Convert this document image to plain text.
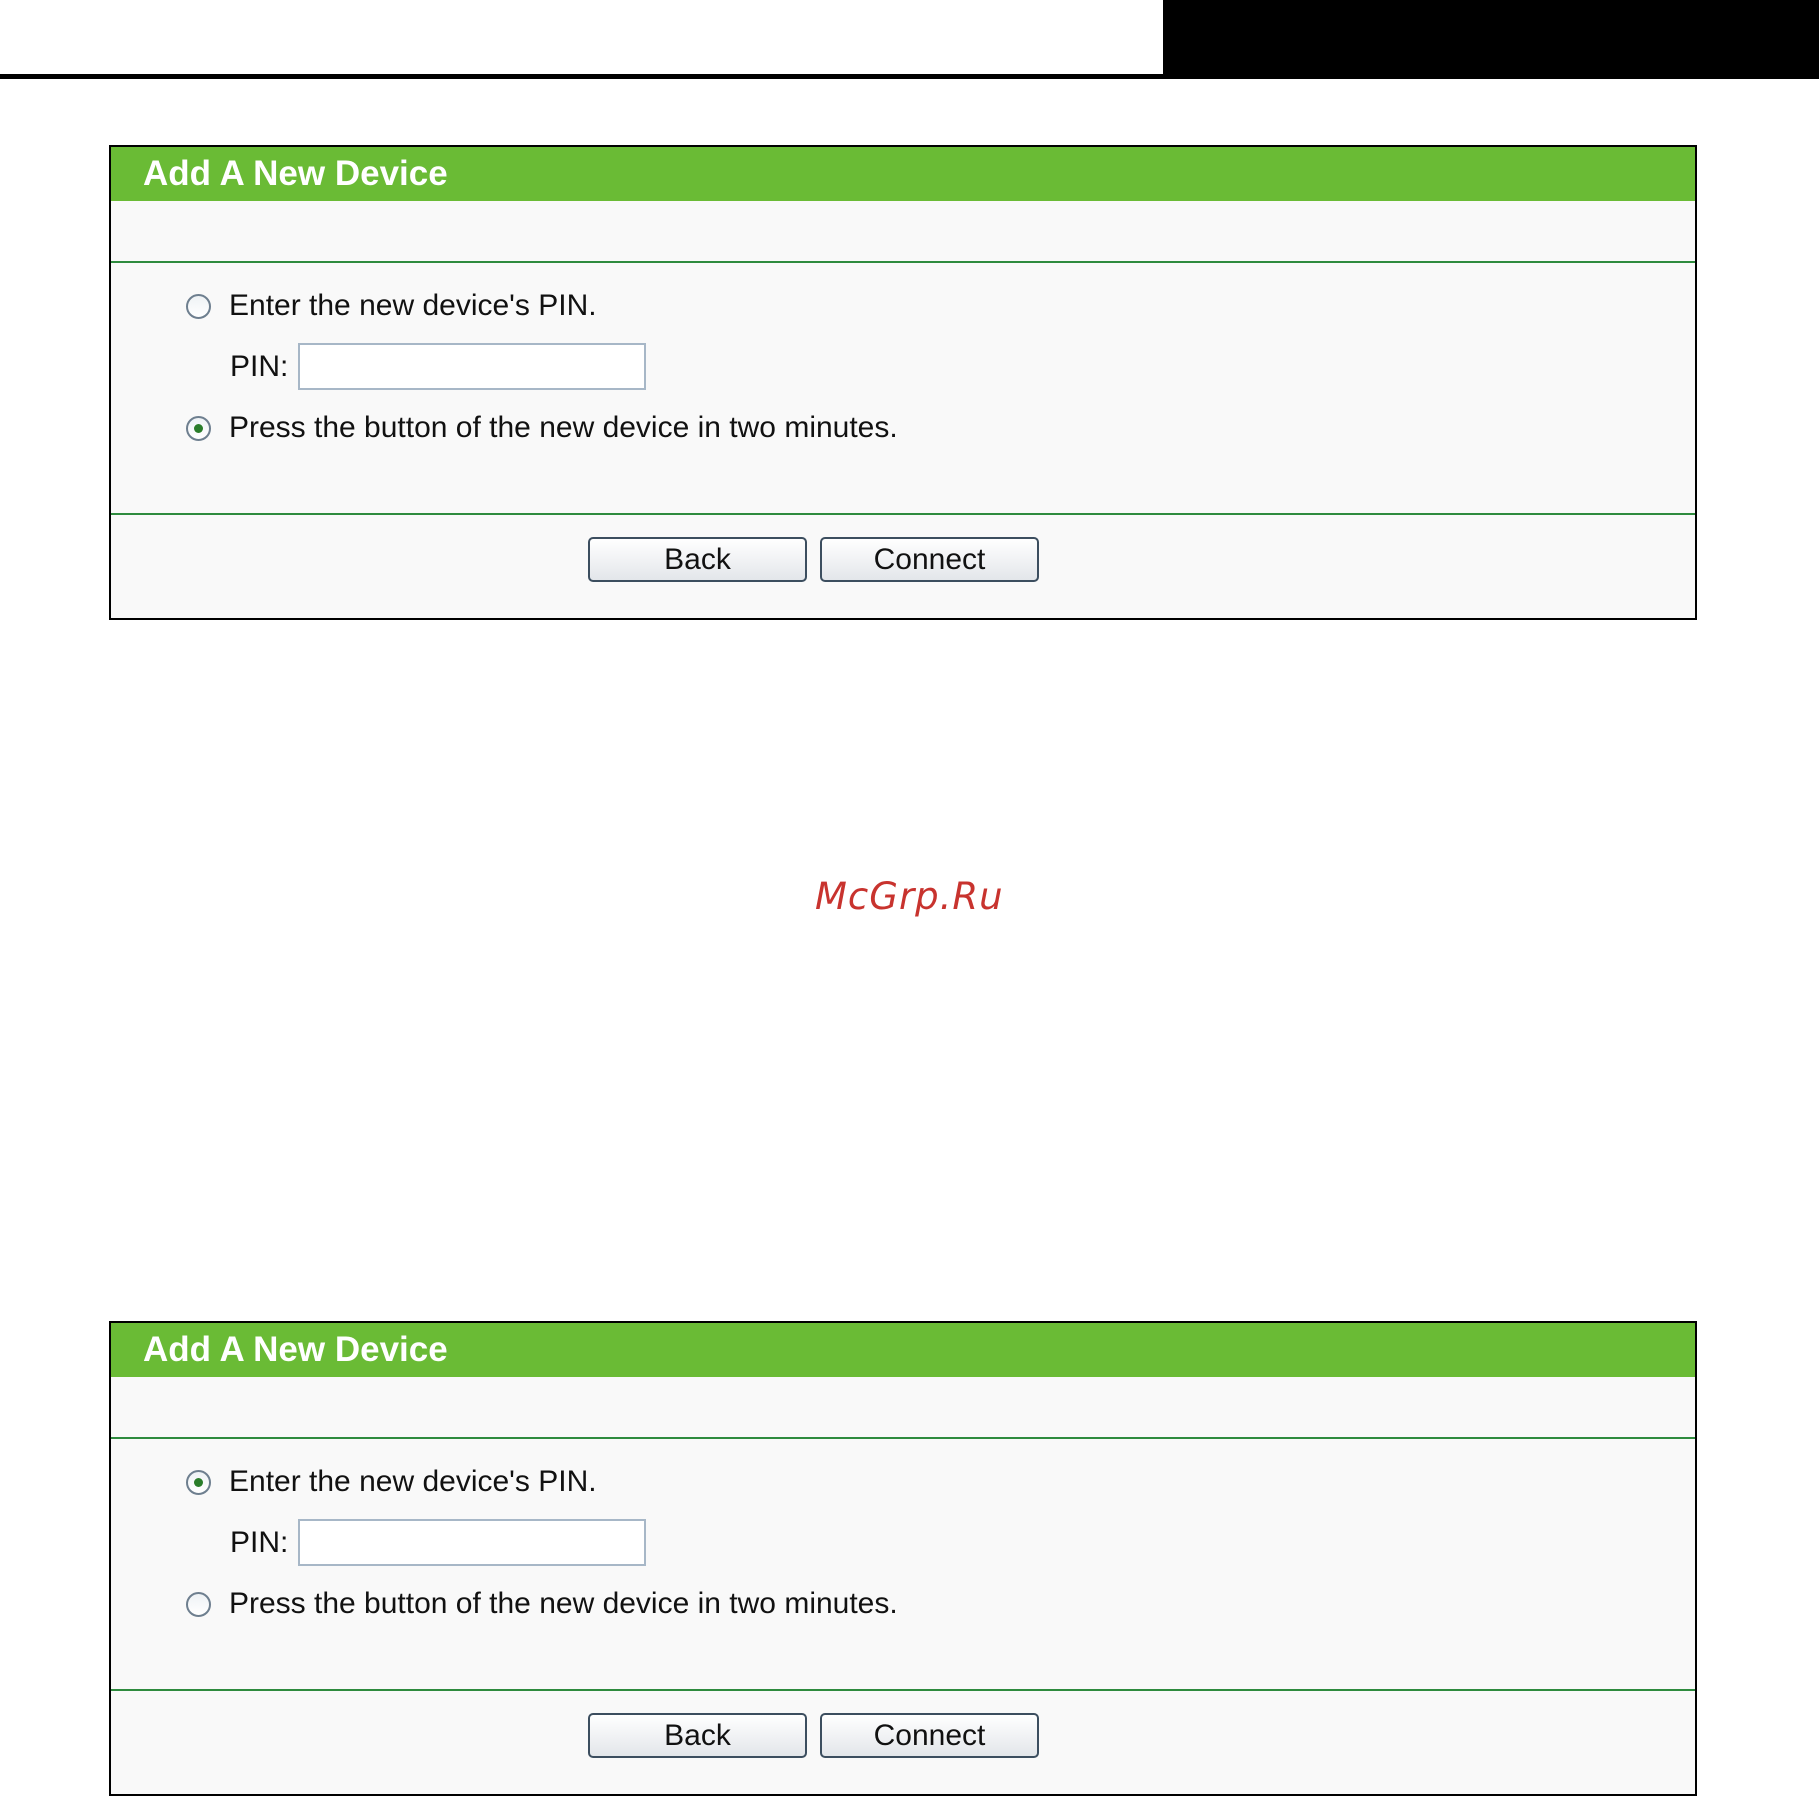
Add A New Device
Enter the new device's PIN.
PIN:
Press the button of the new device in two minutes.
Back	Connect
McGrp.Ru
Add A New Device
Enter the new device's PIN.
PIN:
Press the button of the new device in two minutes.
Back	Connect
